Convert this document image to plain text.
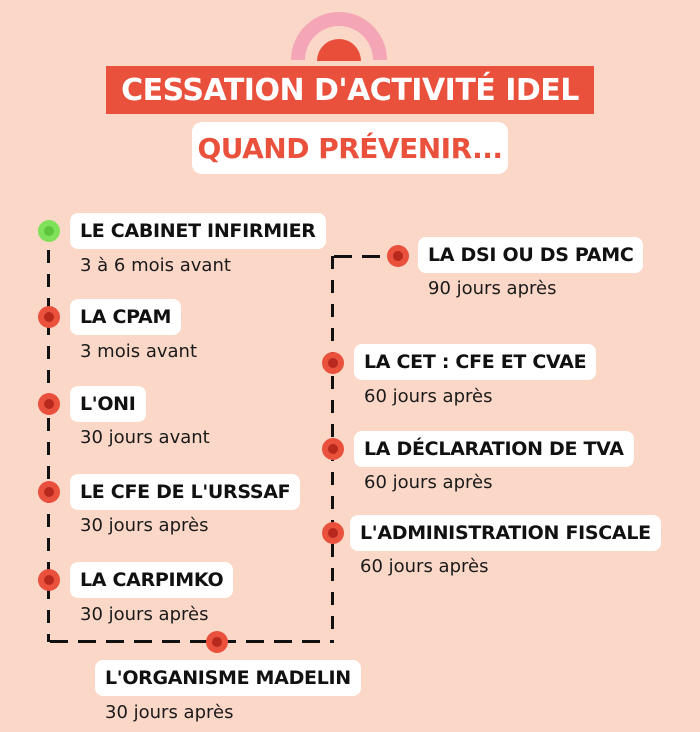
CESSATION D'ACTIVITÉ IDEL
QUAND PRÉVENIR...
LE CABINET INFIRMIER
3 à 6 mois avant
LA CPAM
3 mois avant
L'ONI
30 jours avant
LE CFE DE L'URSSAF
30 jours après
LA CARPIMKO
30 jours après
L'ORGANISME MADELIN
30 jours après
LA DSI OU DS PAMC
90 jours après
LA CET : CFE ET CVAE
60 jours après
LA DÉCLARATION DE TVA
60 jours après
L'ADMINISTRATION FISCALE
60 jours après
